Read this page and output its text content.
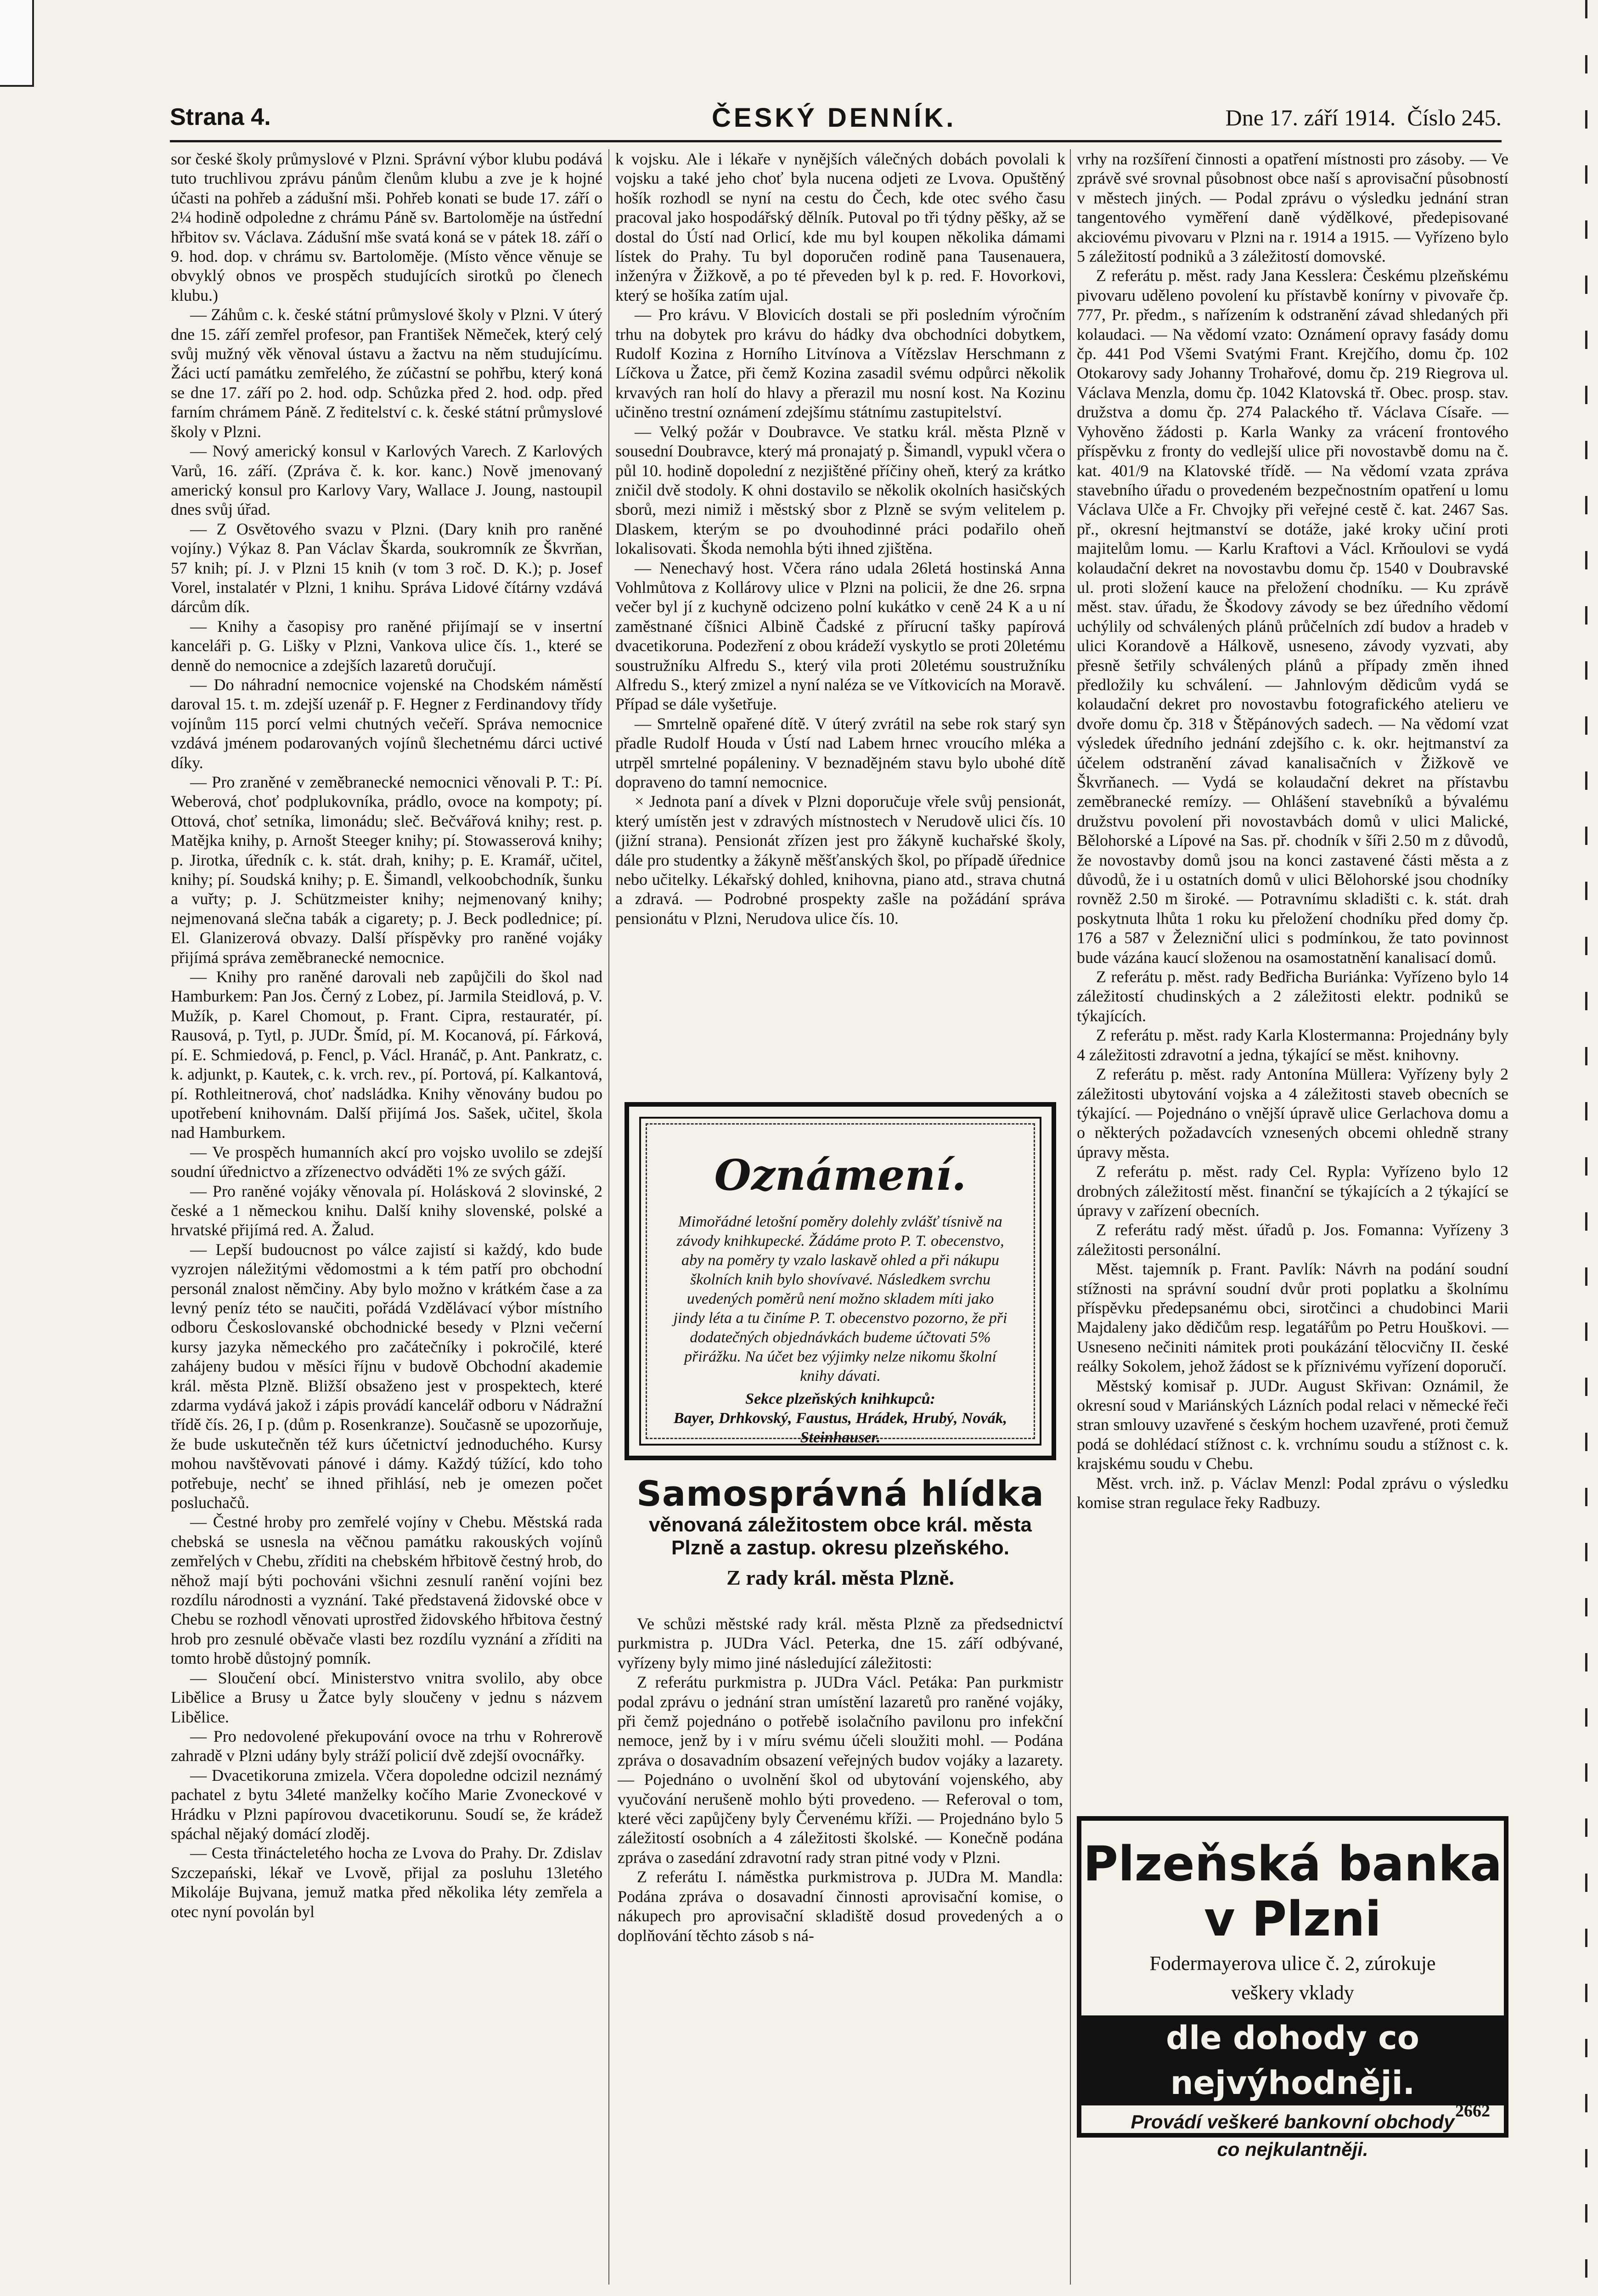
Strana 4.	ČESKÝ DENNÍK.	Dne 17. září 1914. Číslo 245.

sor české školy průmyslové v Plzni. Správní výbor klubu podává tuto truchlivou zprávu pánům členům klubu a zve je k hojné účasti na pohřeb a zádušní mši. Pohřeb konati se bude 17. září o 2¼ hodině odpoledne z chrámu Páně sv. Bartoloměje na ústřední hřbitov sv. Václava. Zádušní mše svatá koná se v pátek 18. září o 9. hod. dop. v chrámu sv. Bartoloměje. (Místo věnce věnuje se obvyklý obnos ve prospěch studujících sirotků po členech klubu.)

— Záhům c. k. české státní průmyslové školy v Plzni. V úterý dne 15. září zemřel profesor, pan František Němeček, který celý svůj mužný věk věnoval ústavu a žactvu na něm studujícímu. Žáci uctí památku zemřelého, že zúčastní se pohřbu, který koná se dne 17. září po 2. hod. odp. Schůzka před 2. hod. odp. před farním chrámem Páně. Z ředitelství c. k. české státní průmyslové školy v Plzni.

— Nový americký konsul v Karlových Varech. Z Karlových Varů, 16. září. (Zpráva č. k. kor. kanc.) Nově jmenovaný americký konsul pro Karlovy Vary, Wallace J. Joung, nastoupil dnes svůj úřad.

— Z Osvětového svazu v Plzni. (Dary knih pro raněné vojíny.) Výkaz 8. Pan Václav Škarda, soukromník ze Škvrňan, 57 knih; pí. J. v Plzni 15 knih (v tom 3 roč. D. K.); p. Josef Vorel, instalatér v Plzni, 1 knihu. Správa Lidové čítárny vzdává dárcům dík.

— Knihy a časopisy pro raněné přijímají se v insertní kanceláři p. G. Lišky v Plzni, Vankova ulice čís. 1., které se denně do nemocnice a zdejších lazaretů doručují.

— Do náhradní nemocnice vojenské na Chodském náměstí daroval 15. t. m. zdejší uzenář p. F. Hegner z Ferdinandovy třídy vojínům 115 porcí velmi chutných večeří. Správa nemocnice vzdává jménem podarovaných vojínů šlechetnému dárci uctivé díky.

— Pro zraněné v zeměbranecké nemocnici věnovali P. T.: Pí. Weberová, choť podplukovníka, prádlo, ovoce na kompoty; pí. Ottová, choť setníka, limonádu; sleč. Bečvářová knihy; rest. p. Matějka knihy, p. Arnošt Steeger knihy; pí. Stowasserová knihy; p. Jirotka, úředník c. k. stát. drah, knihy; p. E. Kramář, učitel, knihy; pí. Soudská knihy; p. E. Šimandl, velkoobchodník, šunku a vuřty; p. J. Schützmeister knihy; nejmenovaný knihy; nejmenovaná slečna tabák a cigarety; p. J. Beck podlednice; pí. El. Glanizerová obvazy. Další příspěvky pro raněné vojáky přijímá správa zeměbranecké nemocnice.

— Knihy pro raněné darovali neb zapůjčili do škol nad Hamburkem: Pan Jos. Černý z Lobez, pí. Jarmila Steidlová, p. V. Mužík, p. Karel Chomout, p. Frant. Cipra, restauratér, pí. Rausová, p. Tytl, p. JUDr. Šmíd, pí. M. Kocanová, pí. Fárková, pí. E. Schmiedová, p. Fencl, p. Václ. Hranáč, p. Ant. Pankratz, c. k. adjunkt, p. Kautek, c. k. vrch. rev., pí. Portová, pí. Kalkantová, pí. Rothleitnerová, choť nadsládka. Knihy věnovány budou po upotřebení knihovnám. Další přijímá Jos. Sašek, učitel, škola nad Hamburkem.

— Ve prospěch humanních akcí pro vojsko uvolilo se zdejší soudní úřednictvo a zřízenectvo odváděti 1% ze svých gáží.

— Pro raněné vojáky věnovala pí. Holásková 2 slovinské, 2 české a 1 německou knihu. Další knihy slovenské, polské a hrvatské přijímá red. A. Žalud.

— Lepší budoucnost po válce zajistí si každý, kdo bude vyzrojen náležitými vědomostmi a k tém patří pro obchodní personál znalost němčiny. Aby bylo možno v krátkém čase a za levný peníz této se naučiti, pořádá Vzdělávací výbor místního odboru Českoslovanské obchodnické besedy v Plzni večerní kursy jazyka německého pro začátečníky i pokročilé, které zahájeny budou v měsíci říjnu v budově Obchodní akademie král. města Plzně. Bližší obsaženo jest v prospektech, které zdarma vydává jakož i zápis provádí kancelář odboru v Nádražní třídě čís. 26, I p. (dům p. Rosenkranze). Současně se upozorňuje, že bude uskutečněn též kurs účetnictví jednoduchého. Kursy mohou navštěvovati pánové i dámy. Každý túžící, kdo toho potřebuje, nechť se ihned přihlásí, neb je omezen počet posluchačů.

— Čestné hroby pro zemřelé vojíny v Chebu. Městská rada chebská se usnesla na věčnou památku rakouských vojínů zemřelých v Chebu, zříditi na chebském hřbitově čestný hrob, do něhož mají býti pochováni všichni zesnulí ranění vojíni bez rozdílu národnosti a vyznání. Také představená židovské obce v Chebu se rozhodl věnovati uprostřed židovského hřbitova čestný hrob pro zesnulé oběvače vlasti bez rozdílu vyznání a zříditi na tomto hrobě důstojný pomník.

— Sloučení obcí. Ministerstvo vnitra svolilo, aby obce Libělice a Brusy u Žatce byly sloučeny v jednu s názvem Libělice.

— Pro nedovolené překupování ovoce na trhu v Rohrerově zahradě v Plzni udány byly stráží policií dvě zdejší ovocnářky.

— Dvacetikoruna zmizela. Včera dopoledne odcizil neznámý pachatel z bytu 34leté manželky kočího Marie Zvoneckové v Hrádku v Plzni papírovou dvacetikorunu. Soudí se, že krádež spáchal nějaký domácí zloděj.

— Cesta třinácteletého hocha ze Lvova do Prahy. Dr. Zdislav Szczepański, lékař ve Lvově, přijal za posluhu 13letého Mikoláje Bujvana, jemuž matka před několika léty zemřela a otec nyní povolán byl

k vojsku. Ale i lékaře v nynějších válečných dobách povolali k vojsku a také jeho choť byla nucena odjeti ze Lvova. Opuštěný hošík rozhodl se nyní na cestu do Čech, kde otec svého času pracoval jako hospodářský dělník. Putoval po tři týdny pěšky, až se dostal do Ústí nad Orlicí, kde mu byl koupen několika dámami lístek do Prahy. Tu byl doporučen rodině pana Tausenauera, inženýra v Žižkově, a po té převeden byl k p. red. F. Hovorkovi, který se hošíka zatím ujal.

— Pro krávu. V Blovicích dostali se při posledním výročním trhu na dobytek pro krávu do hádky dva obchodníci dobytkem, Rudolf Kozina z Horního Litvínova a Vítězslav Herschmann z Líčkova u Žatce, při čemž Kozina zasadil svému odpůrci několik krvavých ran holí do hlavy a přerazil mu nosní kost. Na Kozinu učiněno trestní oznámení zdejšímu státnímu zastupitelství.

— Velký požár v Doubravce. Ve statku král. města Plzně v sousední Doubravce, který má pronajatý p. Šimandl, vypukl včera o půl 10. hodině dopolední z nezjištěné příčiny oheň, který za krátko zničil dvě stodoly. K ohni dostavilo se několik okolních hasičských sborů, mezi nimiž i městský sbor z Plzně se svým velitelem p. Dlaskem, kterým se po dvouhodinné práci podařilo oheň lokalisovati. Škoda nemohla býti ihned zjištěna.

— Nenechavý host. Včera ráno udala 26letá hostinská Anna Vohlmůtova z Kollárovy ulice v Plzni na policii, že dne 26. srpna večer byl jí z kuchyně odcizeno polní kukátko v ceně 24 K a u ní zaměstnané číšnici Albině Čadské z přírucní tašky papírová dvacetikoruna. Podezření z obou krádeží vyskytlo se proti 20letému soustružníku Alfredu S., který vila proti 20letému soustružníku Alfredu S., který zmizel a nyní naléza se ve Vítkovicích na Moravě. Případ se dále vyšetřuje.

— Smrtelně opařené dítě. V úterý zvrátil na sebe rok starý syn přadle Rudolf Houda v Ústí nad Labem hrnec vroucího mléka a utrpěl smrtelné popáleniny. V beznadějném stavu bylo ubohé dítě dopraveno do tamní nemocnice.

× Jednota paní a dívek v Plzni doporučuje vřele svůj pensionát, který umístěn jest v zdravých místnostech v Nerudově ulici čís. 10 (jižní strana). Pensionát zřízen jest pro žákyně kuchařské školy, dále pro studentky a žákyně měšťanských škol, po případě úřednice nebo učitelky. Lékařský dohled, knihovna, piano atd., strava chutná a zdravá. — Podrobné prospekty zašle na požádání správa pensionátu v Plzni, Nerudova ulice čís. 10.

Oznámení.
Mimořádné letošní poměry dolehly zvlášť tísnivě na závody knihkupecké. Žádáme proto P. T. obecenstvo, aby na poměry ty vzalo laskavě ohled a při nákupu školních knih bylo shovívavé. Následkem svrchu uvedených poměrů není možno skladem míti jako jindy léta a tu činíme P. T. obecenstvo pozorno, že při dodatečných objednávkách budeme účtovati 5% přirážku. Na účet bez výjimky nelze nikomu školní knihy dávati.
Sekce plzeňských knihkupců:
Bayer, Drhkovský, Faustus, Hrádek, Hrubý, Novák, Steinhauser.
Samosprávná hlídka
věnovaná záležitostem obce král. města
Plzně a zastup. okresu plzeňského.
Z rady král. města Plzně.

Ve schůzi městské rady král. města Plzně za předsednictví purkmistra p. JUDra Václ. Peterka, dne 15. září odbývané, vyřízeny byly mimo jiné následující záležitosti:

Z referátu purkmistra p. JUDra Václ. Petáka: Pan purkmistr podal zprávu o jednání stran umístění lazaretů pro raněné vojáky, při čemž pojednáno o potřebě isolačního pavilonu pro infekční nemoce, jenž by i v míru svému účeli sloužiti mohl. — Podána zpráva o dosavadním obsazení veřejných budov vojáky a lazarety. — Pojednáno o uvolnění škol od ubytování vojenského, aby vyučování nerušeně mohlo býti provedeno. — Referoval o tom, které věci zapůjčeny byly Červenému kříži. — Projednáno bylo 5 záležitostí osobních a 4 záležitosti školské. — Konečně podána zpráva o zasedání zdravotní rady stran pitné vody v Plzni.

Z referátu I. náměstka purkmistrova p. JUDra M. Mandla: Podána zpráva o dosavadní činnosti aprovisační komise, o nákupech pro aprovisační skladiště dosud provedených a o doplňování těchto zásob s ná-

vrhy na rozšíření činnosti a opatření místnosti pro zásoby. — Ve zprávě své srovnal působnost obce naší s aprovisační působností v městech jiných. — Podal zprávu o výsledku jednání stran tangentového vyměření daně výdělkové, předepisované akciovému pivovaru v Plzni na r. 1914 a 1915. — Vyřízeno bylo 5 záležitostí podniků a 3 záležitostí domovské.

Z referátu p. měst. rady Jana Kesslera: Českému plzeňskému pivovaru uděleno povolení ku přístavbě konírny v pivovaře čp. 777, Pr. předm., s nařízením k odstranění závad shledaných při kolaudaci. — Na vědomí vzato: Oznámení opravy fasády domu čp. 441 Pod Všemi Svatými Frant. Krejčího, domu čp. 102 Otokarovy sady Johanny Trohařové, domu čp. 219 Riegrova ul. Václava Menzla, domu čp. 1042 Klatovská tř. Obec. prosp. stav. družstva a domu čp. 274 Palackého tř. Václava Císaře. — Vyhověno žádosti p. Karla Wanky za vrácení frontového příspěvku z fronty do vedlejší ulice při novostavbě domu na č. kat. 401/9 na Klatovské třídě. — Na vědomí vzata zpráva stavebního úřadu o provedeném bezpečnostním opatření u lomu Václava Ulče a Fr. Chvojky při veřejné cestě č. kat. 2467 Sas. př., okresní hejtmanství se dotáže, jaké kroky učiní proti majitelům lomu. — Karlu Kraftovi a Václ. Krňoulovi se vydá kolaudační dekret na novostavbu domu čp. 1540 v Doubravské ul. proti složení kauce na přeložení chodníku. — Ku zprávě měst. stav. úřadu, že Škodovy závody se bez úředního vědomí uchýlily od schválených plánů průčelních zdí budov a hradeb v ulici Korandově a Hálkově, usneseno, závody vyzvati, aby přesně šetřily schválených plánů a případy změn ihned předložily ku schválení. — Jahnlovým dědicům vydá se kolaudační dekret pro novostavbu fotografického atelieru ve dvoře domu čp. 318 v Štěpánových sadech. — Na vědomí vzat výsledek úředního jednání zdejšího c. k. okr. hejtmanství za účelem odstranění závad kanalisačních v Žižkově ve Škvrňanech. — Vydá se kolaudační dekret na přístavbu zeměbranecké remízy. — Ohlášení stavebníků a bývalému družstvu povolení při novostavbách domů v ulici Malické, Bělohorské a Lípové na Sas. př. chodník v šíři 2.50 m z důvodů, že novostavby domů jsou na konci zastavené části města a z důvodů, že i u ostatních domů v ulici Bělohorské jsou chodníky rovněž 2.50 m široké. — Potravnímu skladišti c. k. stát. drah poskytnuta lhůta 1 roku ku přeložení chodníku před domy čp. 176 a 587 v Železniční ulici s podmínkou, že tato povinnost bude vázána kaucí složenou na osamostatnění kanalisací domů.

Z referátu p. měst. rady Bedřicha Buriánka: Vyřízeno bylo 14 záležitostí chudinských a 2 záležitosti elektr. podniků se týkajících.

Z referátu p. měst. rady Karla Klostermanna: Projednány byly 4 záležitosti zdravotní a jedna, týkající se měst. knihovny.

Z referátu p. měst. rady Antonína Müllera: Vyřízeny byly 2 záležitosti ubytování vojska a 4 záležitosti staveb obecních se týkající. — Pojednáno o vnější úpravě ulice Gerlachova domu a o některých požadavcích vznesených obcemi ohledně strany úpravy města.

Z referátu p. měst. rady Cel. Rypla: Vyřízeno bylo 12 drobných záležitostí měst. finanční se týkajících a 2 týkající se úpravy v zařízení obecních.

Z referátu radý měst. úřadů p. Jos. Fomanna: Vyřízeny 3 záležitosti personální.

Měst. tajemník p. Frant. Pavlík: Návrh na podání soudní stížnosti na správní soudní dvůr proti poplatku a školnímu příspěvku předepsanému obci, sirotčinci a chudobinci Marii Majdaleny jako dědičům resp. legatářům po Petru Houškovi. — Usneseno nečiniti námitek proti poukázání tělocvičny II. české reálky Sokolem, jehož žádost se k příznivému vyřízení doporučí.

Městský komisař p. JUDr. August Skřivan: Oznámil, že okresní soud v Mariánských Lázních podal relaci v německé řeči stran smlouvy uzavřené s českým hochem uzavřené, proti čemuž podá se dohlédací stížnost c. k. vrchnímu soudu a stížnost c. k. krajskému soudu v Chebu.

Měst. vrch. inž. p. Václav Menzl: Podal zprávu o výsledku komise stran regulace řeky Radbuzy.

Plzeňská banka
v Plzni
Fodermayerova ulice č. 2, zúrokuje
veškery vklady
dle dohody co nejvýhodněji.
Provádí veškeré bankovní obchody
co nejkulantněji.
2662
